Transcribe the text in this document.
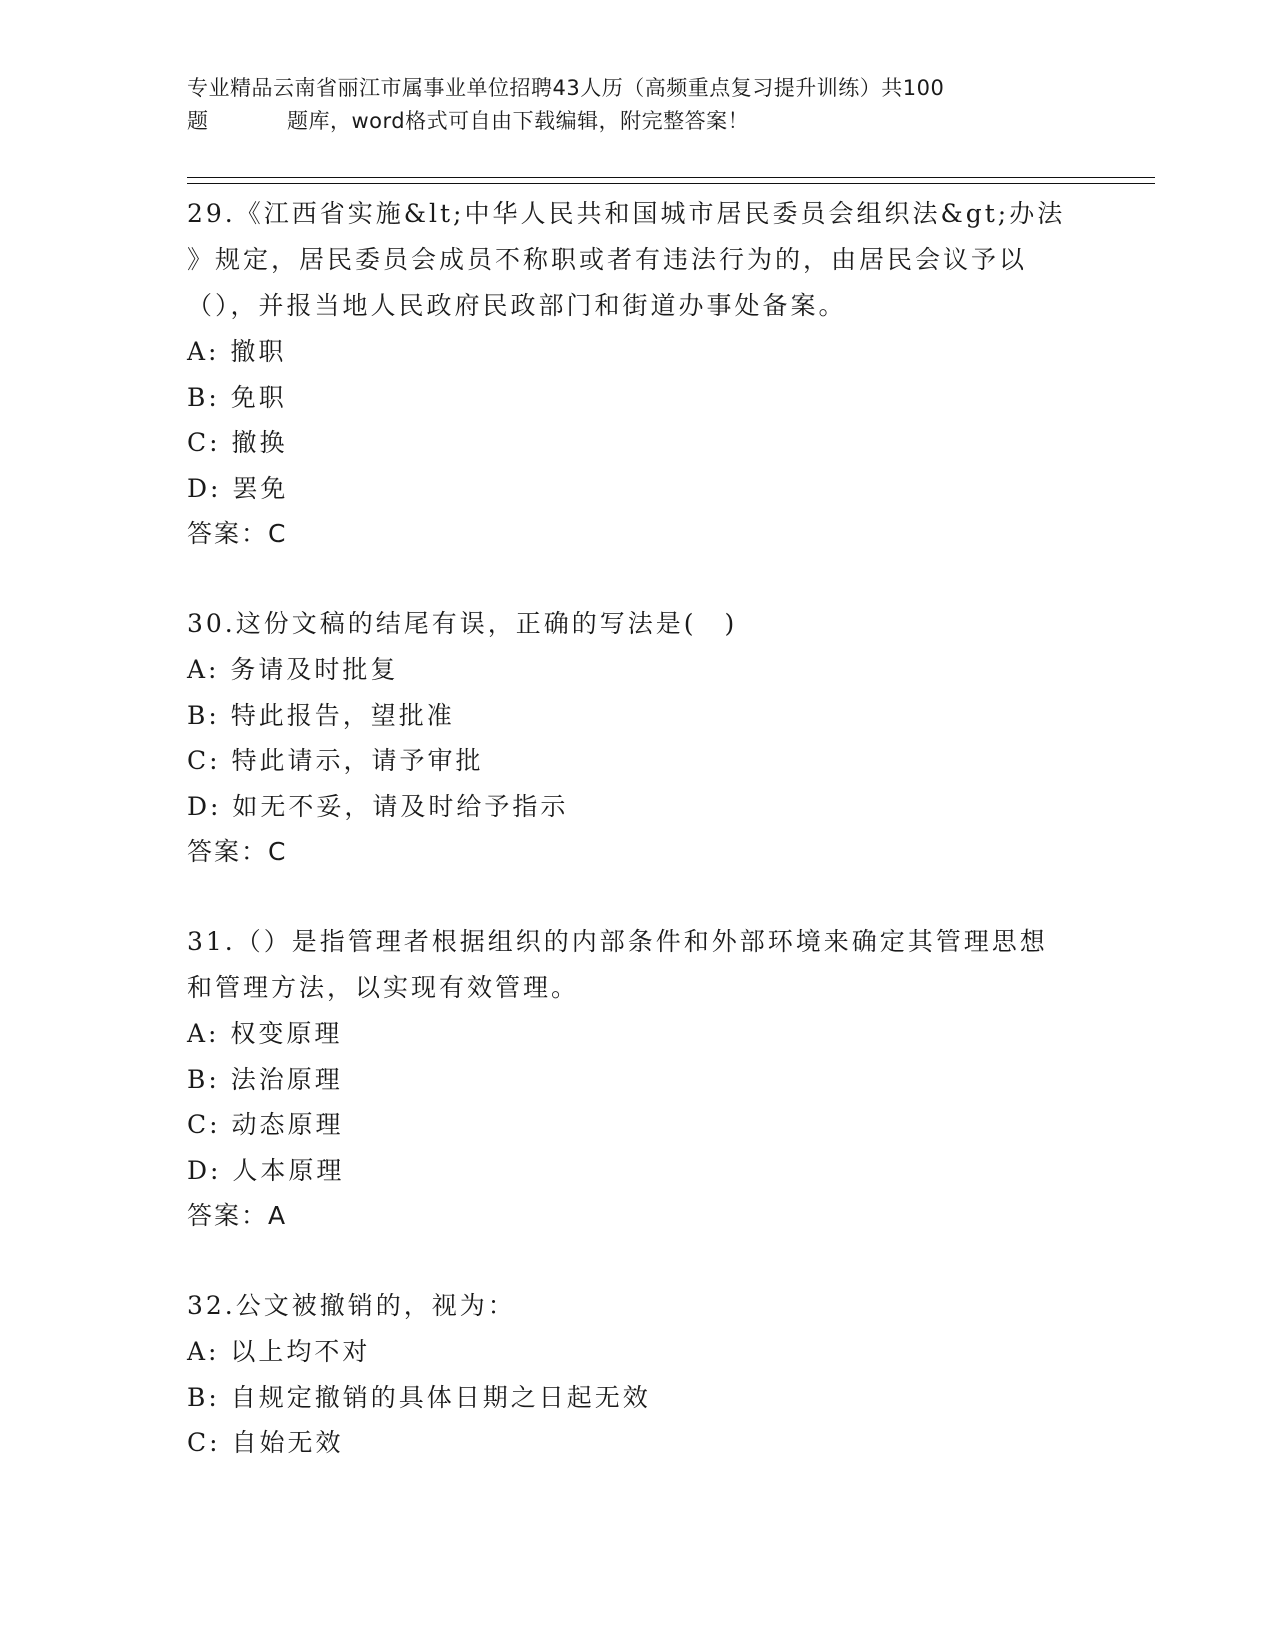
专业精品云南省丽江市属事业单位招聘43人历（高频重点复习提升训练）共100
题	题库，word格式可自由下载编辑，附完整答案！
29.《江西省实施&lt;中华人民共和国城市居民委员会组织法&gt;办法
》规定，居民委员会成员不称职或者有违法行为的，由居民会议予以
（），并报当地人民政府民政部门和街道办事处备案。
A: 撤职
B: 免职
C: 撤换
D: 罢免
答案：C
30.这份文稿的结尾有误，正确的写法是(　)
A: 务请及时批复
B: 特此报告，望批准
C: 特此请示，请予审批
D: 如无不妥，请及时给予指示
答案：C
31.（）是指管理者根据组织的内部条件和外部环境来确定其管理思想
和管理方法，以实现有效管理。
A: 权变原理
B: 法治原理
C: 动态原理
D: 人本原理
答案：A
32.公文被撤销的，视为：
A: 以上均不对
B: 自规定撤销的具体日期之日起无效
C: 自始无效
